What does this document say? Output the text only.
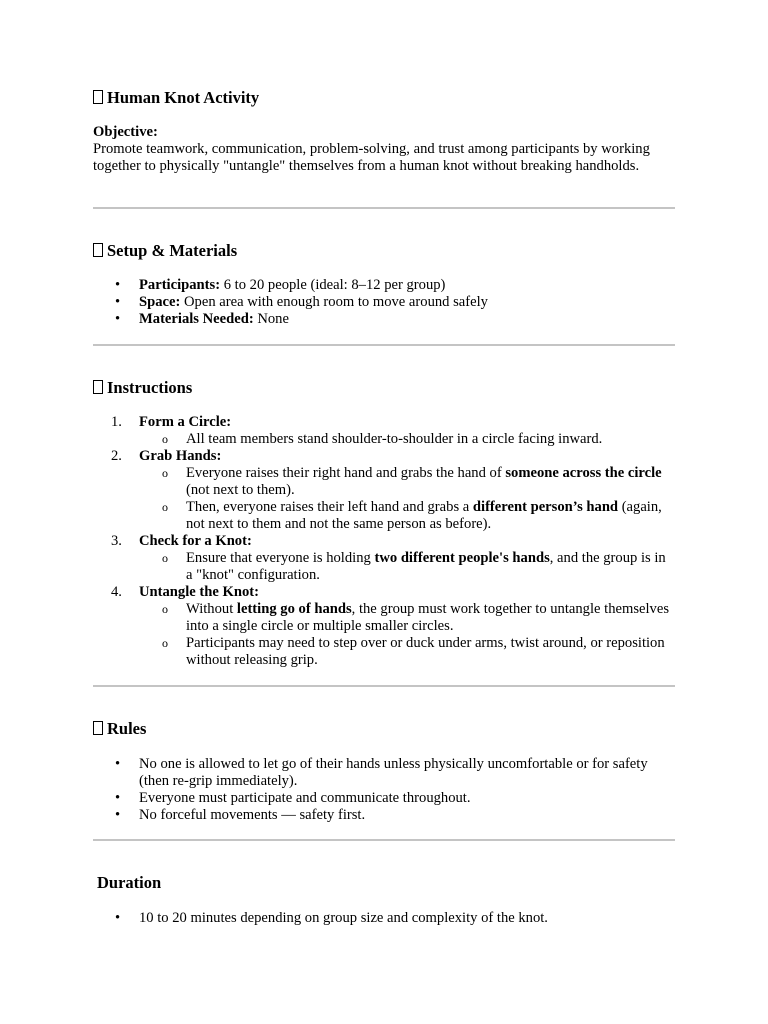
Human Knot Activity
Objective:
Promote teamwork, communication, problem-solving, and trust among participants by working together to physically "untangle" themselves from a human knot without breaking handholds.
Setup & Materials
•	Participants: 6 to 20 people (ideal: 8–12 per group)
•	Space: Open area with enough room to move around safely
•	Materials Needed: None
Instructions
1.	Form a Circle:
o All team members stand shoulder-to-shoulder in a circle facing inward.
2.	Grab Hands:
o Everyone raises their right hand and grabs the hand of someone across the circle (not next to them).
o Then, everyone raises their left hand and grabs a different person’s hand (again, not next to them and not the same person as before).
3.	Check for a Knot:
o Ensure that everyone is holding two different people's hands, and the group is in a "knot" configuration.
4.	Untangle the Knot:
o Without letting go of hands, the group must work together to untangle themselves into a single circle or multiple smaller circles.
o Participants may need to step over or duck under arms, twist around, or reposition without releasing grip.
Rules
•	No one is allowed to let go of their hands unless physically uncomfortable or for safety (then re-grip immediately).
•	Everyone must participate and communicate throughout.
•	No forceful movements — safety first.
Duration
•	10 to 20 minutes depending on group size and complexity of the knot.
